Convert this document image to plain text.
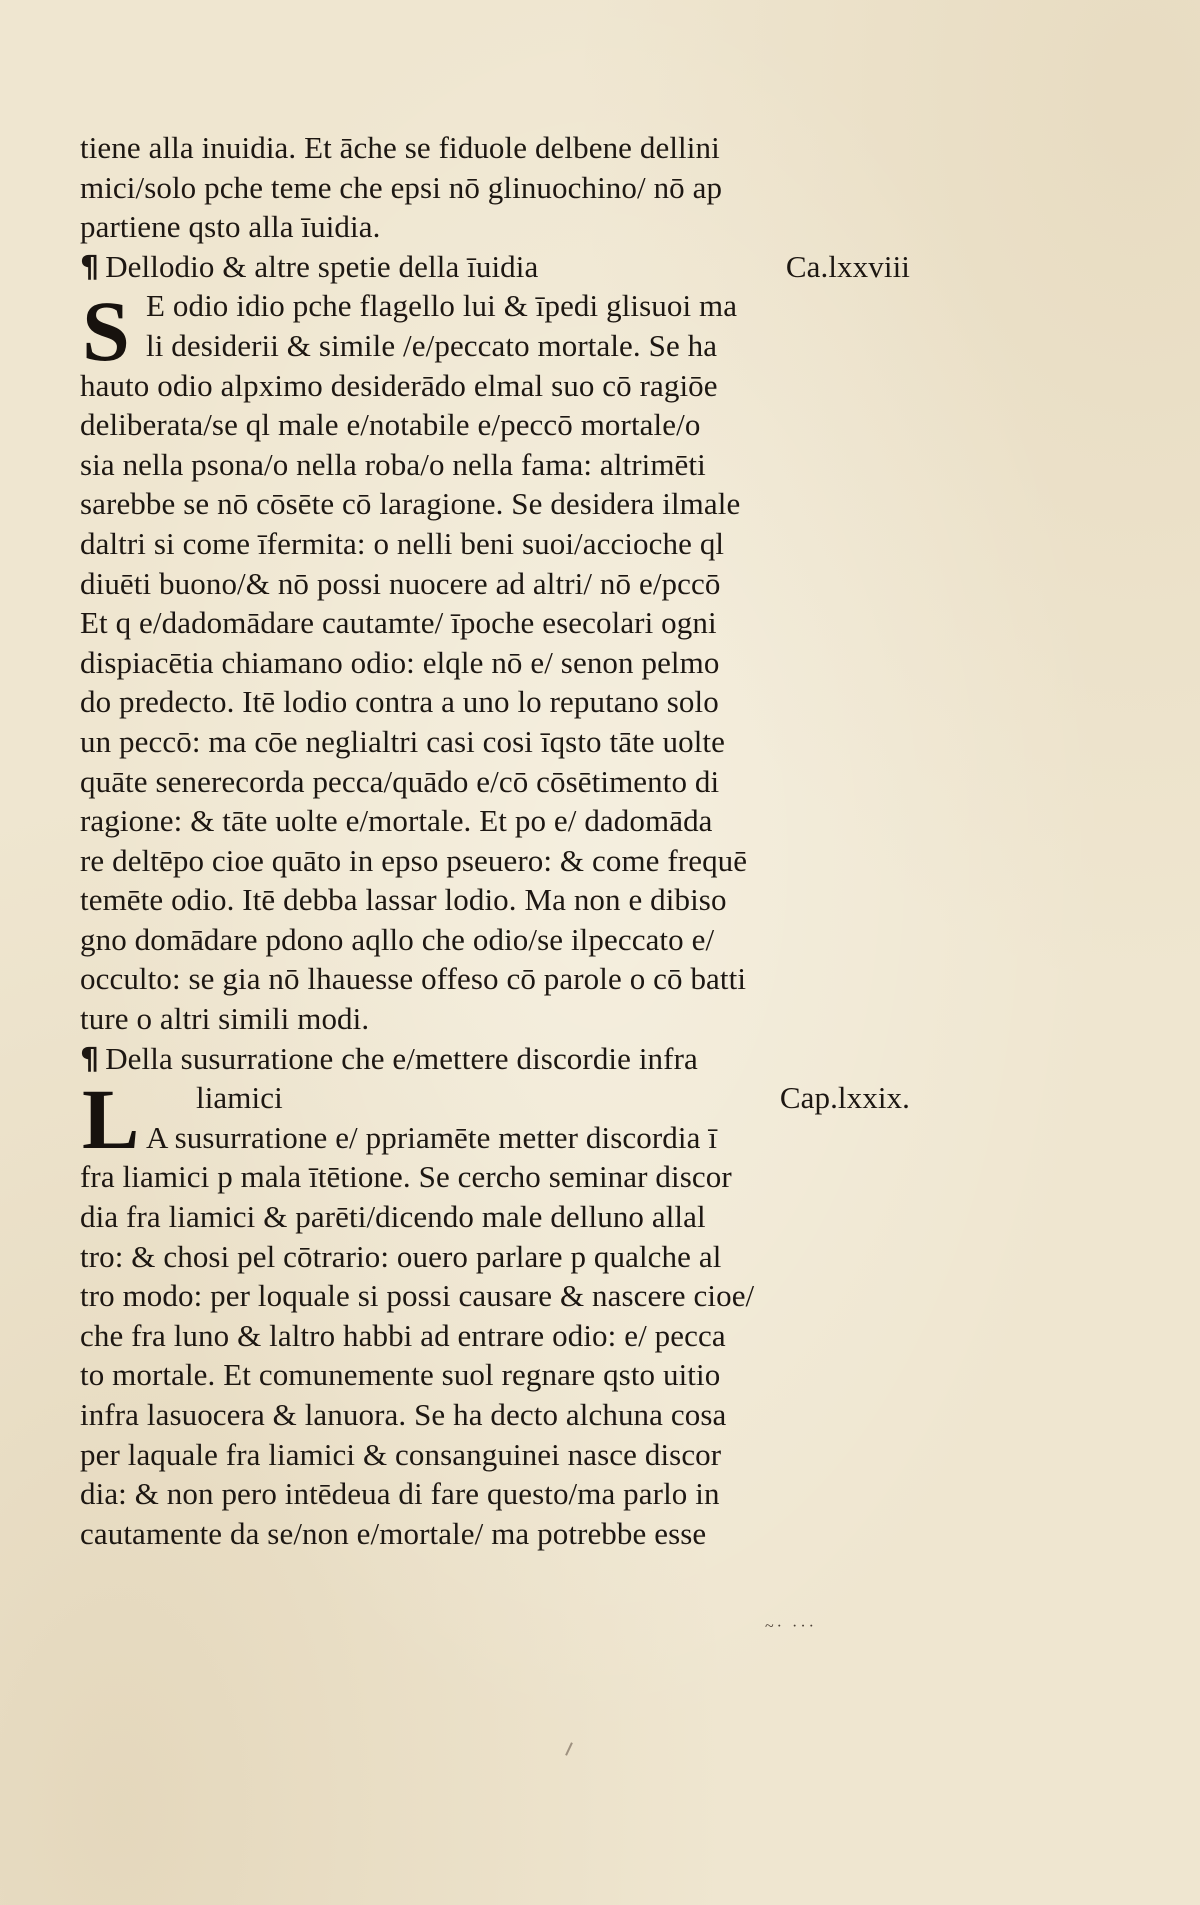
tiene alla inuidia. Et āche se fiduole delbene dellini
mici/solo pche teme che epsi nō glinuochino/ nō ap
partiene qsto alla īuidia.
¶ Dellodio & altre spetie della īuidia	Ca.lxxviii
S E odio idio pche flagello lui & īpedi glisuoi ma
li desiderii & simile /e/peccato mortale. Se ha
hauto odio alpximo desiderādo elmal suo cō ragiōe
deliberata/se ql male e/notabile e/peccō mortale/o
sia nella psona/o nella roba/o nella fama: altrimēti
sarebbe se nō cōsēte cō laragione. Se desidera ilmale
daltri si come īfermita: o nelli beni suoi/accioche ql
diuēti buono/& nō possi nuocere ad altri/ nō e/pccō
Et q e/dadomādare cautamte/ īpoche esecolari ogni
dispiacētia chiamano odio: elqle nō e/ senon pelmo
do predecto. Itē lodio contra a uno lo reputano solo
un peccō: ma cōe neglialtri casi cosi īqsto tāte uolte
quāte senerecorda pecca/quādo e/cō cōsētimento di
ragione: & tāte uolte e/mortale. Et po e/ dadomāda
re deltēpo cioe quāto in epso pseuero: & come frequē
temēte odio. Itē debba lassar lodio. Ma non e dibiso
gno domādare pdono aqllo che odio/se ilpeccato e/
occulto: se gia nō lhauesse offeso cō parole o cō batti
ture o altri simili modi.
¶ Della susurratione che e/mettere discordie infra
L	liamici	Cap.lxxix.
A susurratione e/ ppriamēte metter discordia ī
fra liamici p mala ītētione. Se cercho seminar discor
dia fra liamici & parēti/dicendo male delluno allal
tro: & chosi pel cōtrario: ouero parlare p qualche al
tro modo: per loquale si possi causare & nascere cioe/
che fra luno & laltro habbi ad entrare odio: e/ pecca
to mortale. Et comunemente suol regnare qsto uitio
infra lasuocera & lanuora. Se ha decto alchuna cosa
per laquale fra liamici & consanguinei nasce discor
dia: & non pero intēdeua di fare questo/ma parlo in
cautamente da se/non e/mortale/ ma potrebbe esse
~· ···
